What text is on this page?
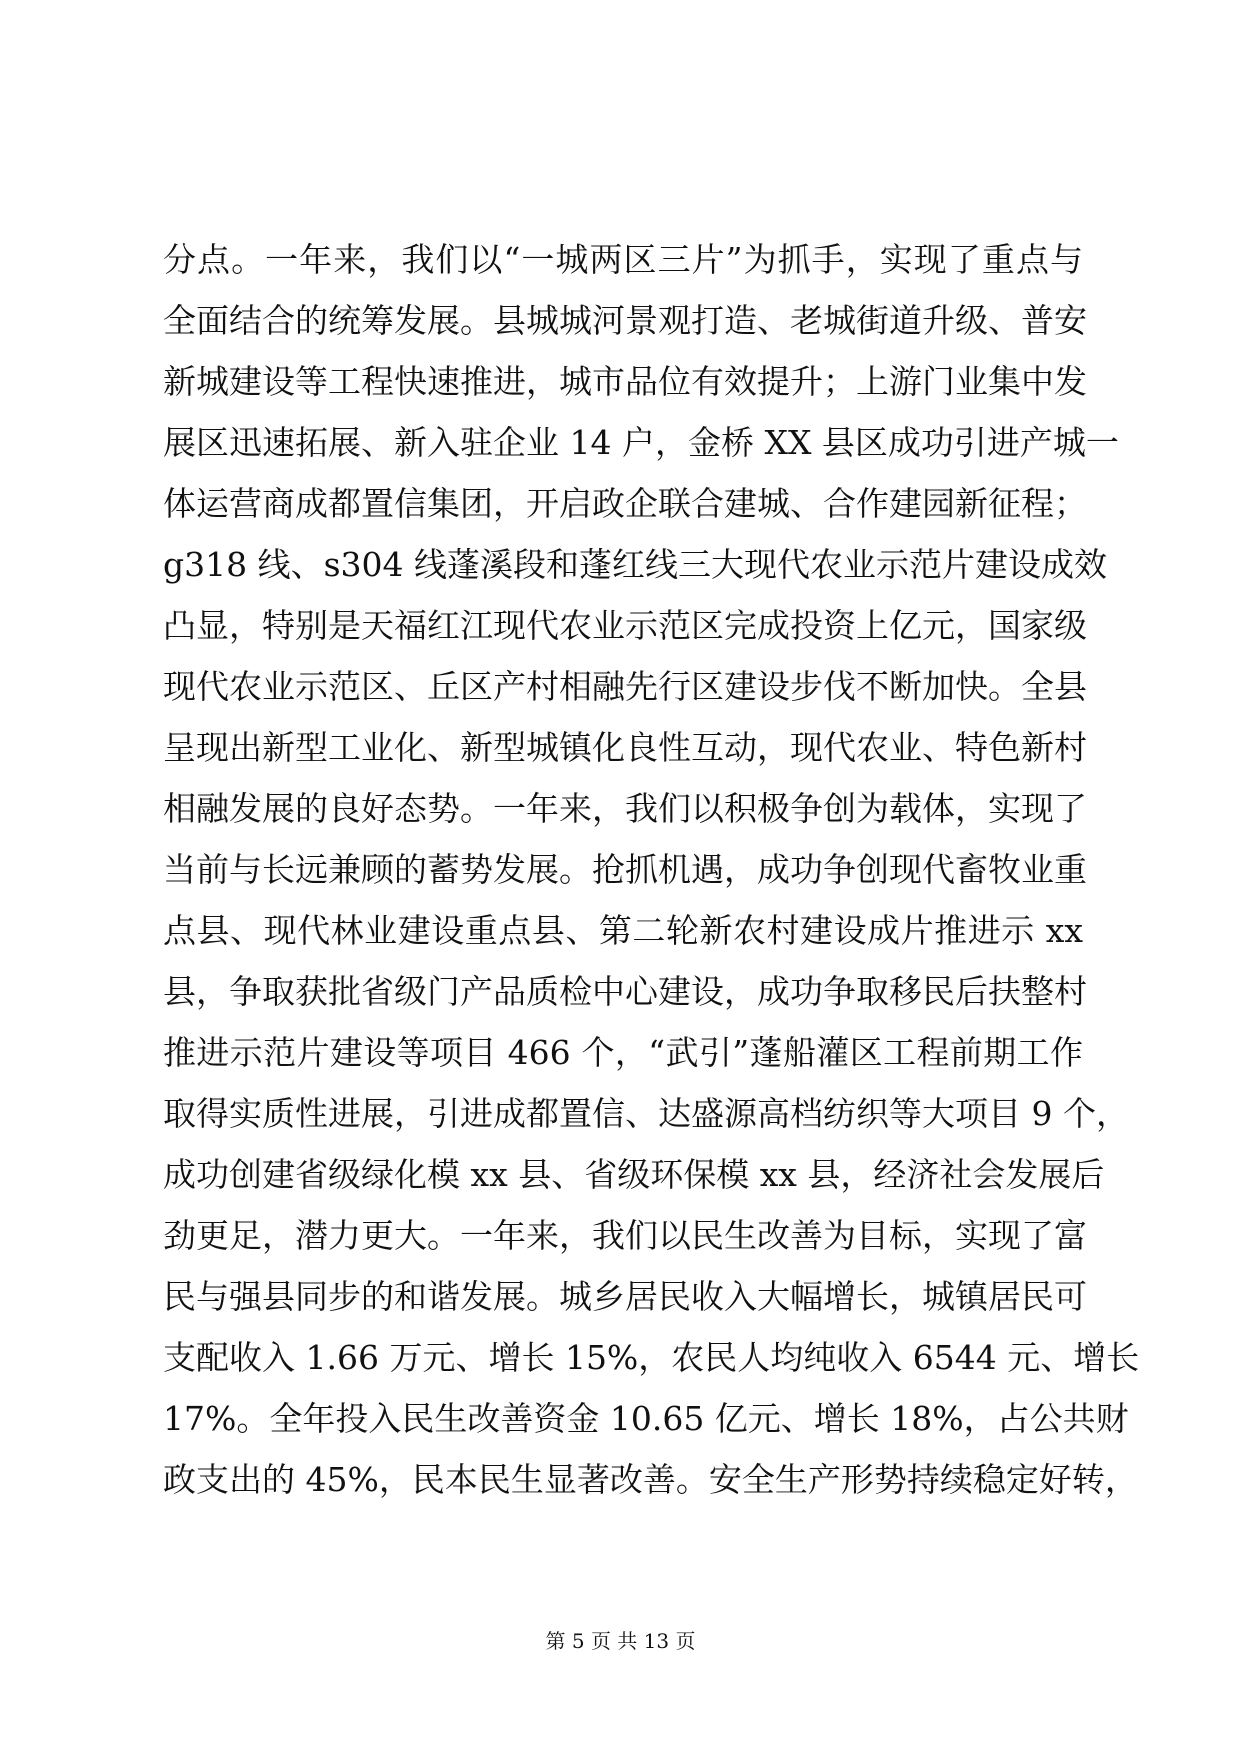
分点。一年来，我们以“一城两区三片”为抓手，实现了重点与
全面结合的统筹发展。县城城河景观打造、老城街道升级、普安
新城建设等工程快速推进，城市品位有效提升；上游门业集中发
展区迅速拓展、新入驻企业 14 户，金桥 XX 县区成功引进产城一
体运营商成都置信集团，开启政企联合建城、合作建园新征程；
g318 线、s304 线蓬溪段和蓬红线三大现代农业示范片建设成效
凸显，特别是天福红江现代农业示范区完成投资上亿元，国家级
现代农业示范区、丘区产村相融先行区建设步伐不断加快。全县
呈现出新型工业化、新型城镇化良性互动，现代农业、特色新村
相融发展的良好态势。一年来，我们以积极争创为载体，实现了
当前与长远兼顾的蓄势发展。抢抓机遇，成功争创现代畜牧业重
点县、现代林业建设重点县、第二轮新农村建设成片推进示 xx
县，争取获批省级门产品质检中心建设，成功争取移民后扶整村
推进示范片建设等项目 466 个，“武引”蓬船灌区工程前期工作
取得实质性进展，引进成都置信、达盛源高档纺织等大项目 9 个，
成功创建省级绿化模 xx 县、省级环保模 xx 县，经济社会发展后
劲更足，潜力更大。一年来，我们以民生改善为目标，实现了富
民与强县同步的和谐发展。城乡居民收入大幅增长，城镇居民可
支配收入 1.66 万元、增长 15%，农民人均纯收入 6544 元、增长
17%。全年投入民生改善资金 10.65 亿元、增长 18%，占公共财
政支出的 45%，民本民生显著改善。安全生产形势持续稳定好转，
第 5 页 共 13 页
